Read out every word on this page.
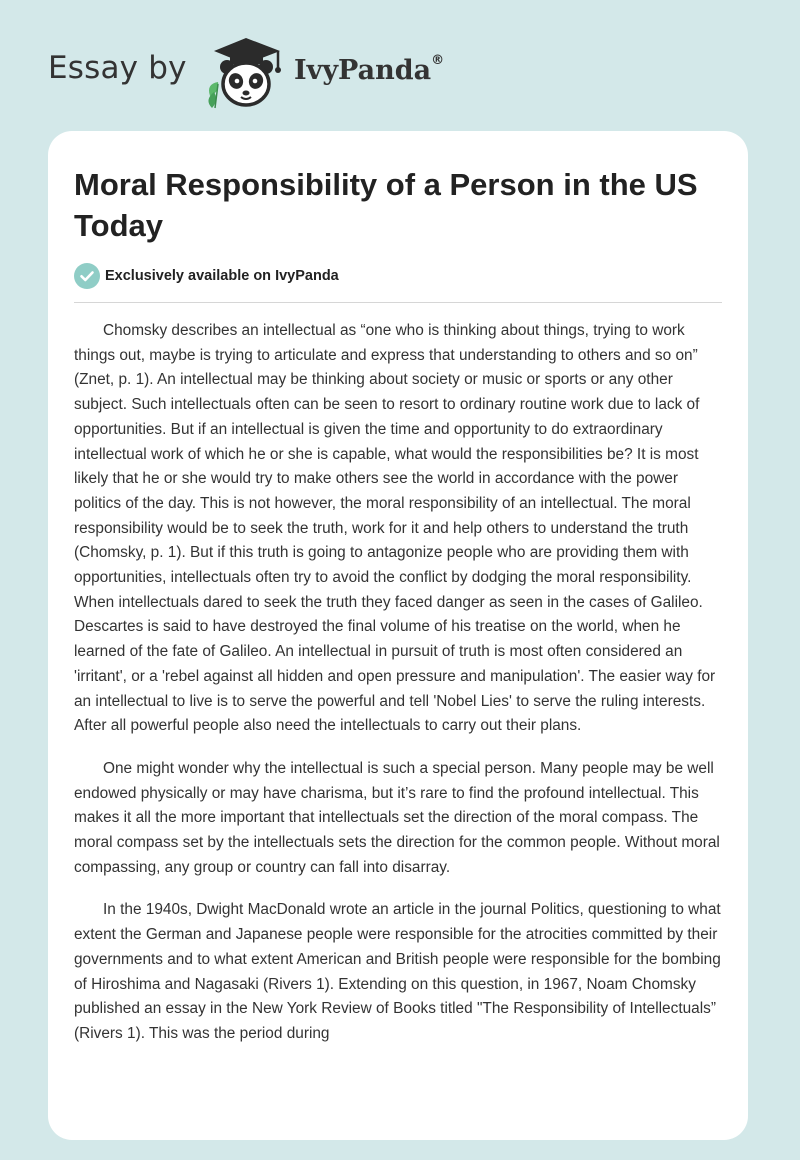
Essay by	IvyPanda®
Moral Responsibility of a Person in the US Today
Exclusively available on IvyPanda

Chomsky describes an intellectual as “one who is thinking about things, trying to work things out, maybe is trying to articulate and express that understanding to others and so on” (Znet, p. 1). An intellectual may be thinking about society or music or sports or any other subject. Such intellectuals often can be seen to resort to ordinary routine work due to lack of opportunities. But if an intellectual is given the time and opportunity to do extraordinary intellectual work of which he or she is capable, what would the responsibilities be? It is most likely that he or she would try to make others see the world in accordance with the power politics of the day. This is not however, the moral responsibility of an intellectual. The moral responsibility would be to seek the truth, work for it and help others to understand the truth (Chomsky, p. 1). But if this truth is going to antagonize people who are providing them with opportunities, intellectuals often try to avoid the conflict by dodging the moral responsibility. When intellectuals dared to seek the truth they faced danger as seen in the cases of Galileo. Descartes is said to have destroyed the final volume of his treatise on the world, when he learned of the fate of Galileo. An intellectual in pursuit of truth is most often considered an 'irritant', or a 'rebel against all hidden and open pressure and manipulation'. The easier way for an intellectual to live is to serve the powerful and tell 'Nobel Lies' to serve the ruling interests. After all powerful people also need the intellectuals to carry out their plans.

One might wonder why the intellectual is such a special person. Many people may be well endowed physically or may have charisma, but it’s rare to find the profound intellectual. This makes it all the more important that intellectuals set the direction of the moral compass. The moral compass set by the intellectuals sets the direction for the common people. Without moral compassing, any group or country can fall into disarray.

In the 1940s, Dwight MacDonald wrote an article in the journal Politics, questioning to what extent the German and Japanese people were responsible for the atrocities committed by their governments and to what extent American and British people were responsible for the bombing of Hiroshima and Nagasaki (Rivers 1). Extending on this question, in 1967, Noam Chomsky published an essay in the New York Review of Books titled "The Responsibility of Intellectuals” (Rivers 1). This was the period during
